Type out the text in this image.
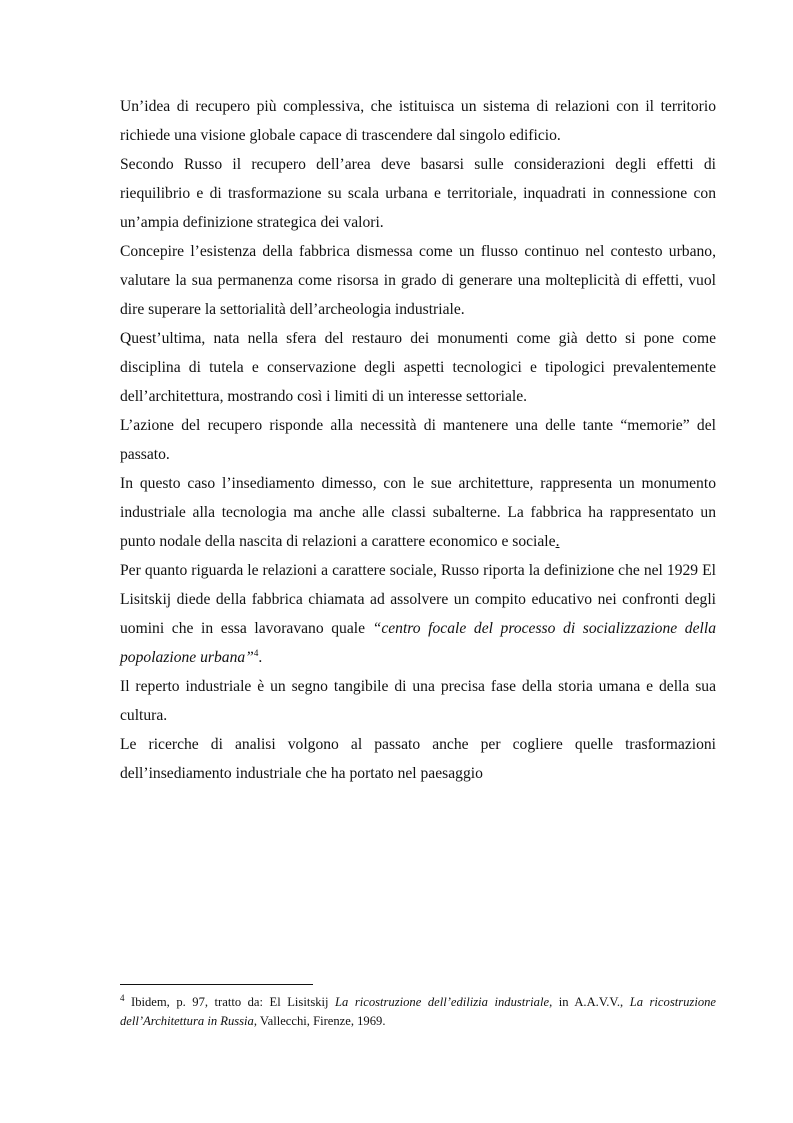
Un’idea di recupero più complessiva, che istituisca un sistema di relazioni con il territorio richiede una visione globale capace di trascendere dal singolo edificio.

Secondo Russo il recupero dell’area deve basarsi sulle considerazioni degli effetti di riequilibrio e di trasformazione su scala urbana e territoriale, inquadrati in connessione con un’ampia definizione strategica dei valori.

Concepire l’esistenza della fabbrica dismessa come un flusso continuo nel contesto urbano, valutare la sua permanenza come risorsa in grado di generare una molteplicità di effetti, vuol dire superare la settorialità dell’archeologia industriale.

Quest’ultima, nata nella sfera del restauro dei monumenti come già detto si pone come disciplina di tutela e conservazione degli aspetti tecnologici e tipologici prevalentemente dell’architettura, mostrando così i limiti di un interesse settoriale.

L’azione del recupero risponde alla necessità di mantenere una delle tante “memorie” del passato.

In questo caso l’insediamento dimesso, con le sue architetture, rappresenta un monumento industriale alla tecnologia ma anche alle classi subalterne. La fabbrica ha rappresentato un punto nodale della nascita di relazioni a carattere economico e sociale.

Per quanto riguarda le relazioni a carattere sociale, Russo riporta la definizione che nel 1929 El Lisitskij diede della fabbrica chiamata ad assolvere un compito educativo nei confronti degli uomini che in essa lavoravano quale “centro focale del processo di socializzazione della popolazione urbana”$^4$.

Il reperto industriale è un segno tangibile di una precisa fase della storia umana e della sua cultura.

Le ricerche di analisi volgono al passato anche per cogliere quelle trasformazioni dell’insediamento industriale che ha portato nel paesaggio

$^4$ Ibidem, p. 97, tratto da: El Lisitskij La ricostruzione dell’edilizia industriale, in A.A.V.V., La ricostruzione dell’Architettura in Russia, Vallecchi, Firenze, 1969.
